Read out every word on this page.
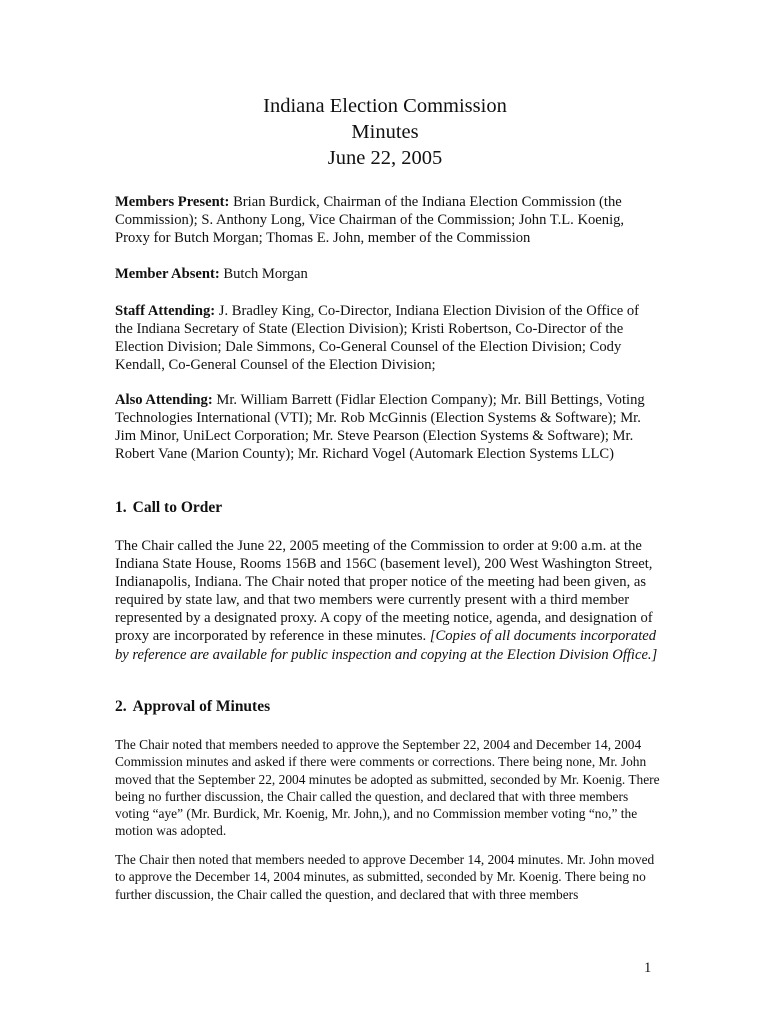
Indiana Election Commission
Minutes
June 22, 2005
Members Present: Brian Burdick, Chairman of the Indiana Election Commission (the Commission); S. Anthony Long, Vice Chairman of the Commission; John T.L. Koenig, Proxy for Butch Morgan; Thomas E. John, member of the Commission
Member Absent: Butch Morgan
Staff Attending: J. Bradley King, Co-Director, Indiana Election Division of the Office of the Indiana Secretary of State (Election Division); Kristi Robertson, Co-Director of the Election Division; Dale Simmons, Co-General Counsel of the Election Division; Cody Kendall, Co-General Counsel of the Election Division;
Also Attending: Mr. William Barrett (Fidlar Election Company); Mr. Bill Bettings, Voting Technologies International (VTI); Mr. Rob McGinnis (Election Systems & Software); Mr. Jim Minor, UniLect Corporation; Mr. Steve Pearson (Election Systems & Software); Mr. Robert Vane (Marion County); Mr. Richard Vogel (Automark Election Systems LLC)
1. Call to Order
The Chair called the June 22, 2005 meeting of the Commission to order at 9:00 a.m. at the Indiana State House, Rooms 156B and 156C (basement level), 200 West Washington Street, Indianapolis, Indiana. The Chair noted that proper notice of the meeting had been given, as required by state law, and that two members were currently present with a third member represented by a designated proxy. A copy of the meeting notice, agenda, and designation of proxy are incorporated by reference in these minutes. [Copies of all documents incorporated by reference are available for public inspection and copying at the Election Division Office.]
2. Approval of Minutes
The Chair noted that members needed to approve the September 22, 2004 and December 14, 2004 Commission minutes and asked if there were comments or corrections. There being none, Mr. John moved that the September 22, 2004 minutes be adopted as submitted, seconded by Mr. Koenig. There being no further discussion, the Chair called the question, and declared that with three members voting “aye” (Mr. Burdick, Mr. Koenig, Mr. John,), and no Commission member voting “no,” the motion was adopted.
The Chair then noted that members needed to approve December 14, 2004 minutes. Mr. John moved to approve the December 14, 2004 minutes, as submitted, seconded by Mr. Koenig. There being no further discussion, the Chair called the question, and declared that with three members
1
